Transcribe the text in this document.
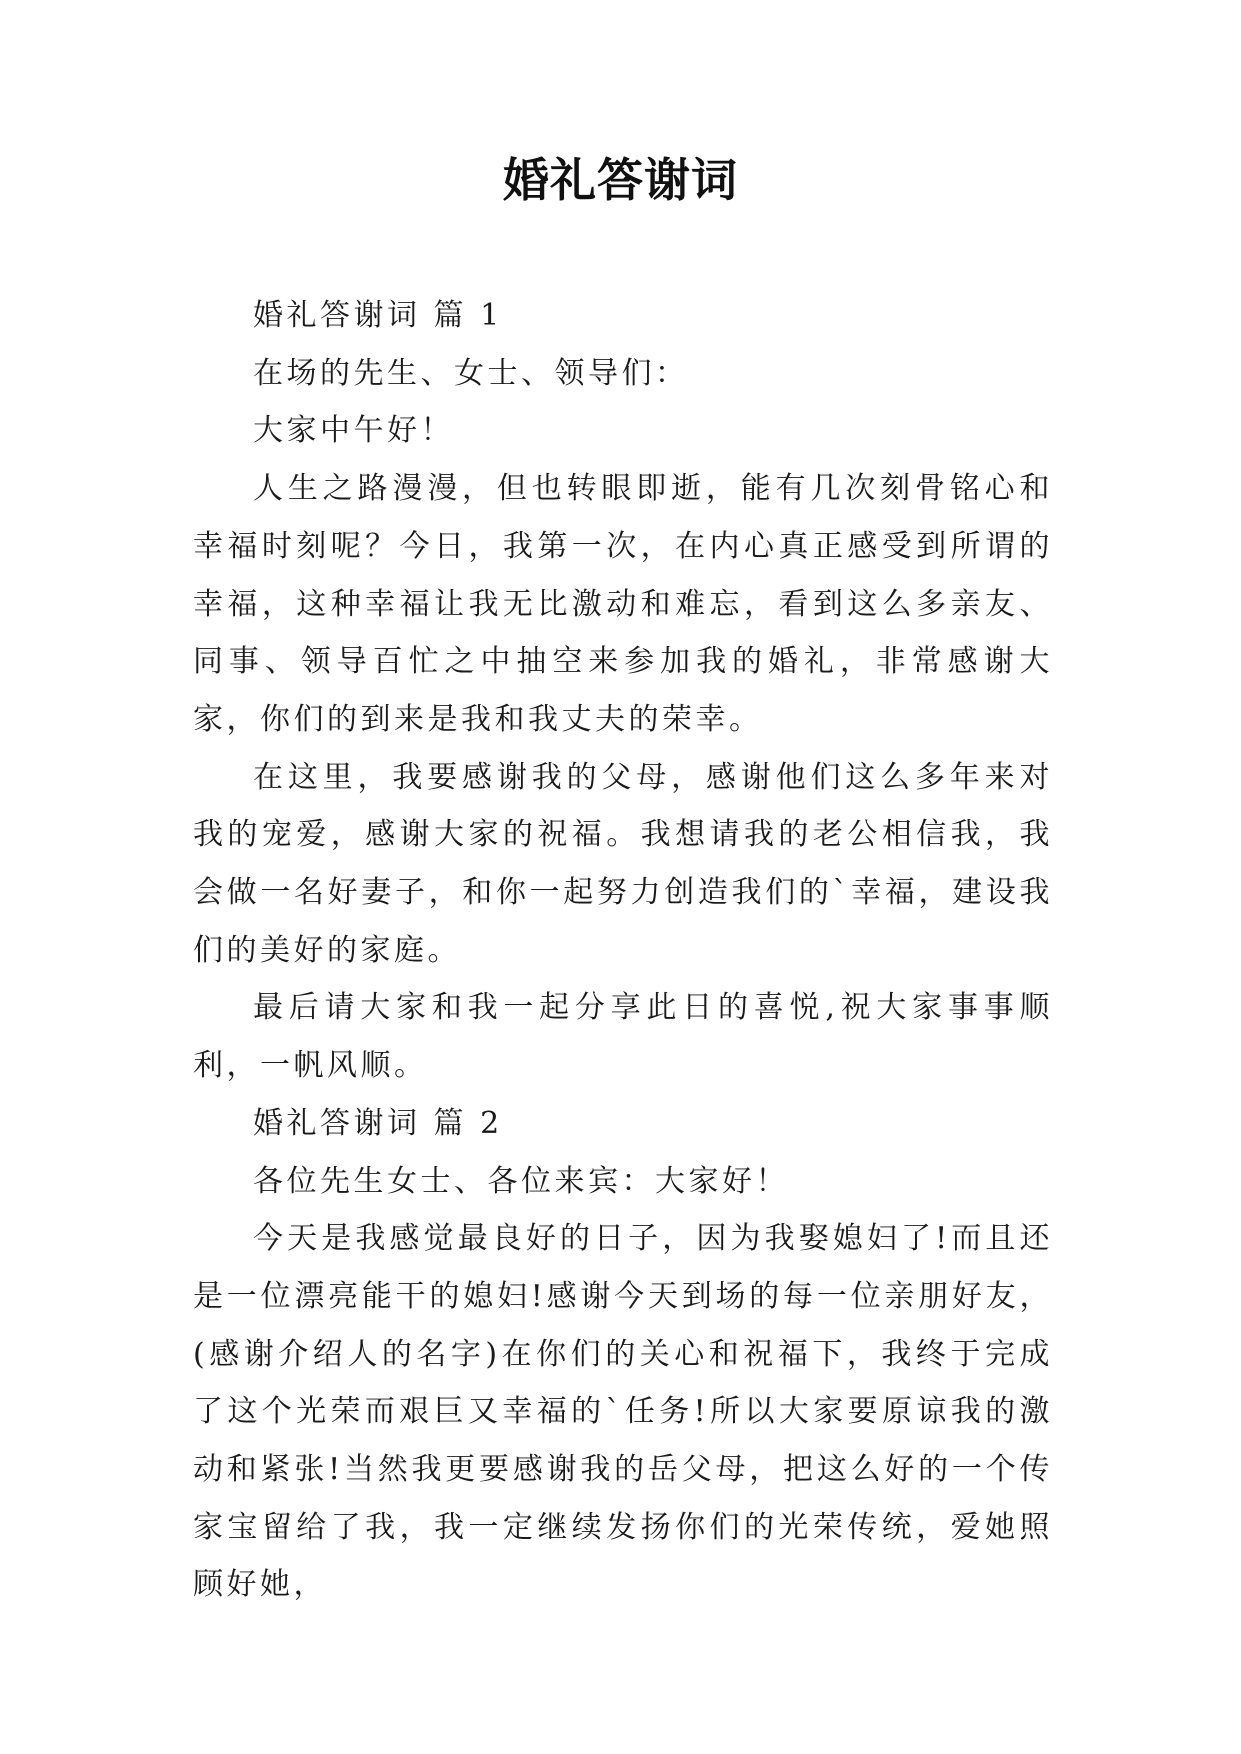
婚礼答谢词

婚礼答谢词 篇 1

在场的先生、女士、领导们：

大家中午好！

人生之路漫漫，但也转眼即逝，能有几次刻骨铭心和幸福时刻呢？今日，我第一次，在内心真正感受到所谓的幸福，这种幸福让我无比激动和难忘，看到这么多亲友、同事、领导百忙之中抽空来参加我的婚礼，非常感谢大家，你们的到来是我和我丈夫的荣幸。

在这里，我要感谢我的父母，感谢他们这么多年来对我的宠爱，感谢大家的祝福。我想请我的老公相信我，我会做一名好妻子，和你一起努力创造我们的`幸福，建设我们的美好的家庭。

最后请大家和我一起分享此日的喜悦,祝大家事事顺利，一帆风顺。

婚礼答谢词 篇 2

各位先生女士、各位来宾：大家好！

今天是我感觉最良好的日子，因为我娶媳妇了!而且还是一位漂亮能干的媳妇!感谢今天到场的每一位亲朋好友，(感谢介绍人的名字)在你们的关心和祝福下，我终于完成了这个光荣而艰巨又幸福的`任务!所以大家要原谅我的激动和紧张!当然我更要感谢我的岳父母，把这么好的一个传家宝留给了我，我一定继续发扬你们的光荣传统，爱她照顾好她，
